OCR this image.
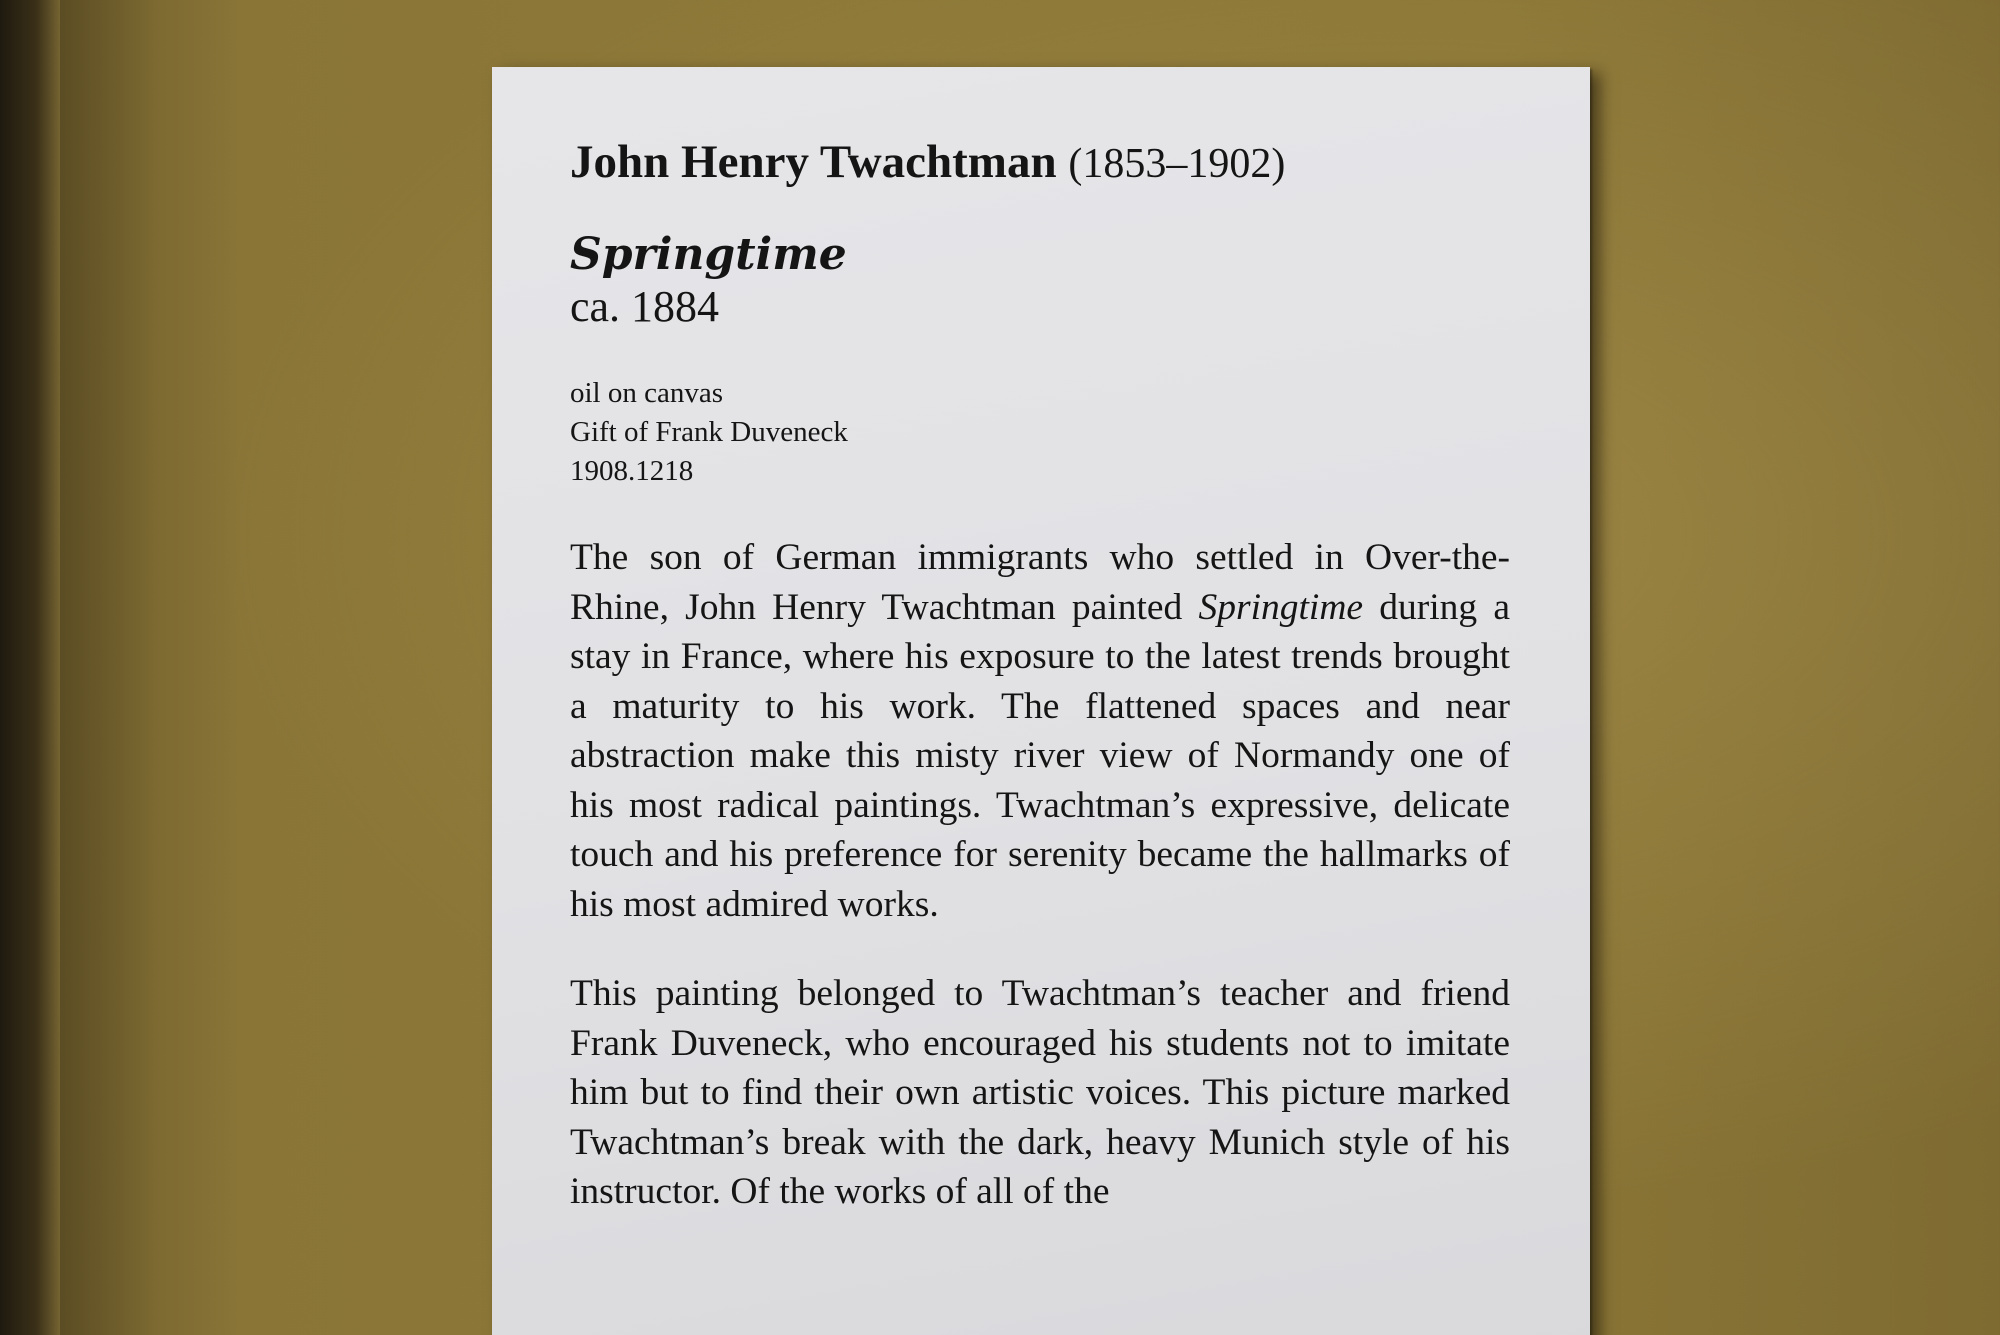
John Henry Twachtman (1853–1902)
Springtime
ca. 1884
oil on canvas
Gift of Frank Duveneck
1908.1218

The son of German immigrants who settled in Over-the-Rhine, John Henry Twachtman painted Springtime during a stay in France, where his exposure to the latest trends brought a maturity to his work. The flattened spaces and near abstraction make this misty river view of Normandy one of his most radical paintings. Twachtman’s expressive, delicate touch and his preference for serenity became the hallmarks of his most admired works.

This painting belonged to Twachtman’s teacher and friend Frank Duveneck, who encouraged his students not to imitate him but to find their own artistic voices. This picture marked Twachtman’s break with the dark, heavy Munich style of his instructor. Of the works of all of the
